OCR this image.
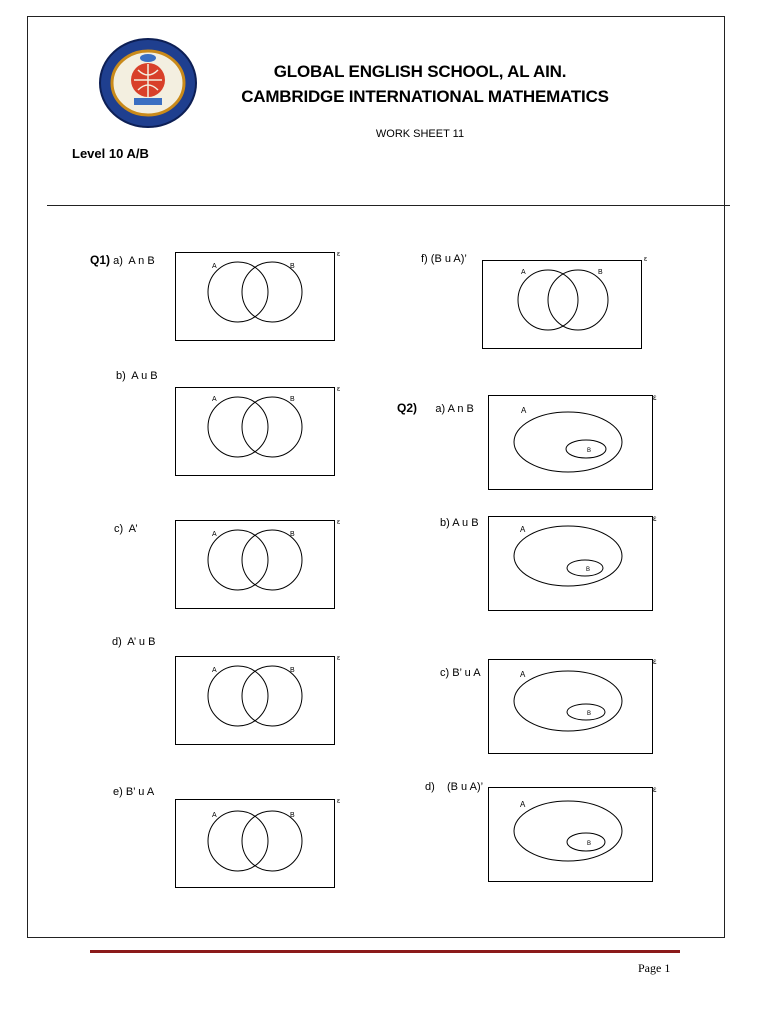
GLOBAL ENGLISH SCHOOL, AL AIN.
CAMBRIDGE INTERNATIONAL MATHEMATICS
WORK SHEET 11
Level 10 A/B
Q1) a)  A n B
b)  A u B
c)  A’
d)  A’ u B
e) B’ u A
f) (B u A)’
Q2) a) A n B
b) A u B
c) B’ u A
d)    (B u A)’
A	B
ε
A	B
ε
A	B
ε
A	B
ε
A	B
ε
A	B
ε
A
B
ε
A
B
ε
A
B
ε
A
B
ε
Page 1
